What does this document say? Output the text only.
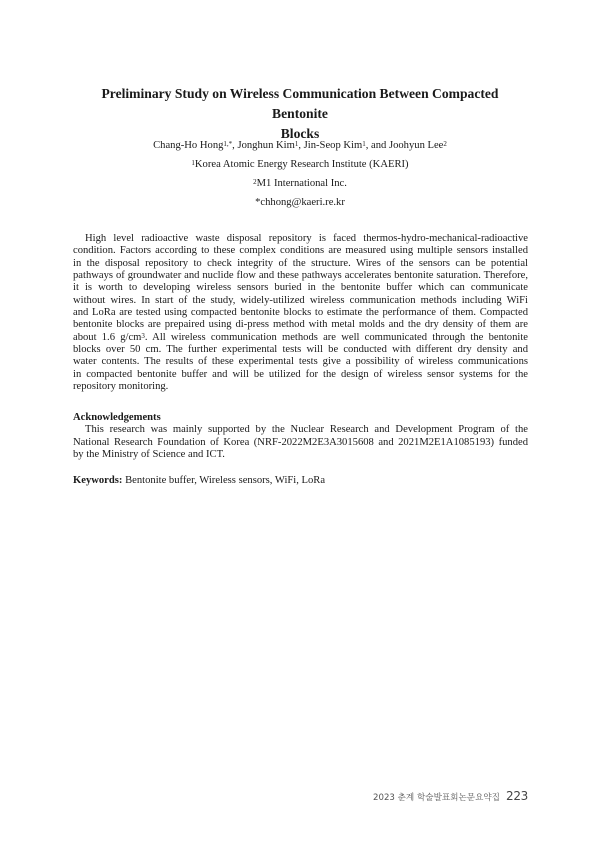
Preliminary Study on Wireless Communication Between Compacted Bentonite
Blocks
Chang-Ho Hong$^{1,*}$, Jonghun Kim$^1$, Jin-Seop Kim$^1$, and Joohyun Lee$^2$
$^1$Korea Atomic Energy Research Institute (KAERI)
$^2$M1 International Inc.
*chhong@kaeri.re.kr
High level radioactive waste disposal repository is faced thermos-hydro-mechanical-radioactive
condition. Factors according to these complex conditions are measured using multiple sensors installed
in the disposal repository to check integrity of the structure. Wires of the sensors can be potential
pathways of groundwater and nuclide flow and these pathways accelerates bentonite saturation. Therefore,
it is worth to developing wireless sensors buried in the bentonite buffer which can communicate
without wires. In start of the study, widely-utilized wireless communication methods including WiFi
and LoRa are tested using compacted bentonite blocks to estimate the performance of them. Compacted
bentonite blocks are prepaired using di-press method with metal molds and the dry density of them are
about 1.6 $g/cm^3$. All wireless communication methods are well communicated through the bentonite
blocks over 50 cm. The further experimental tests will be conducted with different dry density and
water contents. The results of these experimental tests give a possibility of wireless communications
in compacted bentonite buffer and will be utilized for the design of wireless sensor systems for the
repository monitoring.
Acknowledgements
This research was mainly supported by the Nuclear Research and Development Program of the
National Research Foundation of Korea (NRF-2022M2E3A3015608 and 2021M2E1A1085193) funded
by the Ministry of Science and ICT.
Keywords: Bentonite buffer, Wireless sensors, WiFi, LoRa
2023 춘계 학술발표회논문요약집 223
